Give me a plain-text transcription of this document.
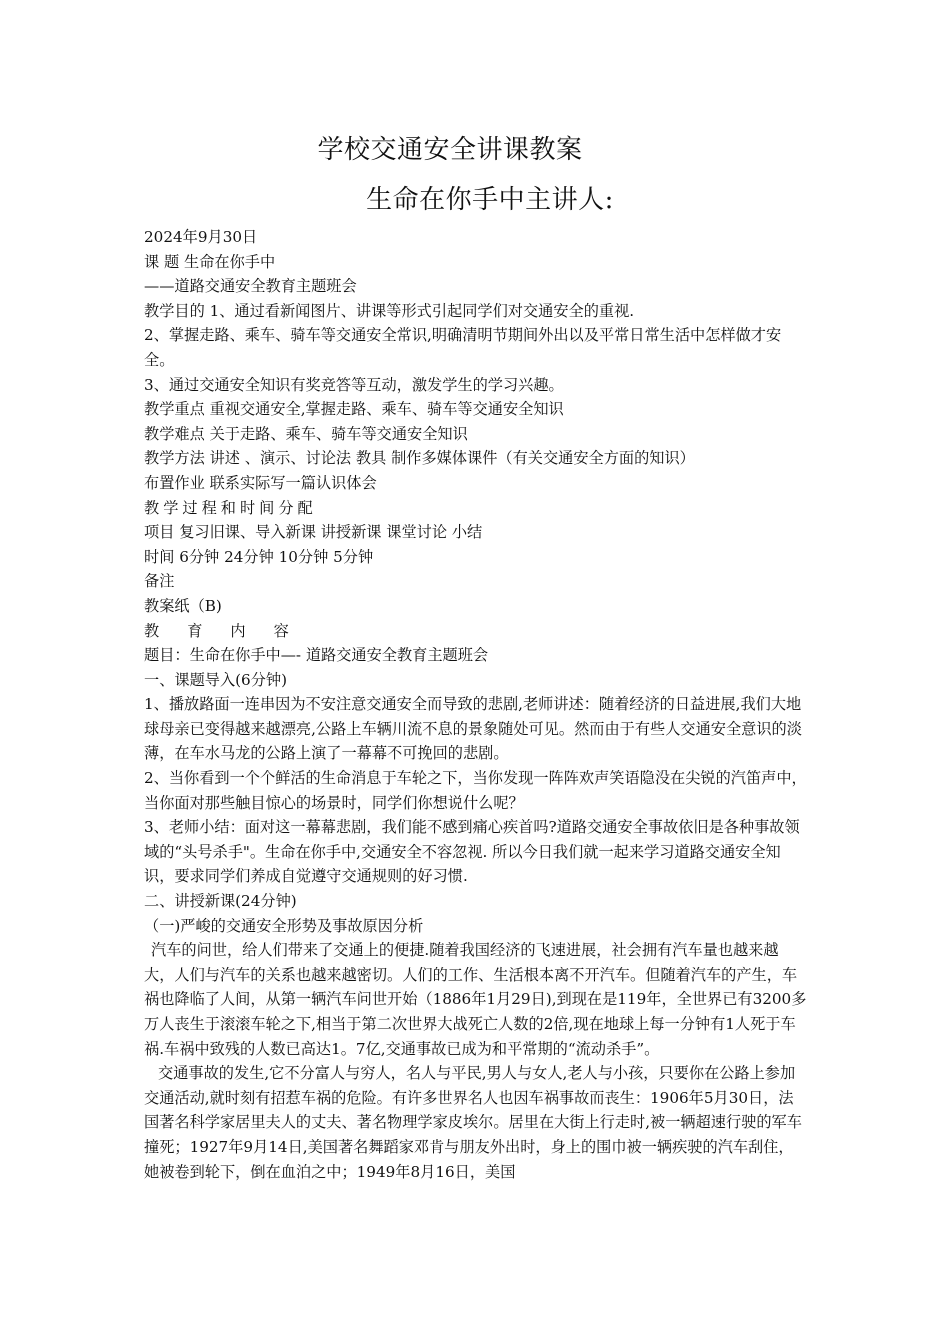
学校交通安全讲课教案
生命在你手中主讲人:

2024年9月30日

课 题 生命在你手中

——道路交通安全教育主题班会

教学目的 1、通过看新闻图片、讲课等形式引起同学们对交通安全的重视.

2、掌握走路、乘车、骑车等交通安全常识,明确清明节期间外出以及平常日常生活中怎样做才安全。

3、通过交通安全知识有奖竞答等互动，激发学生的学习兴趣。

教学重点 重视交通安全,掌握走路、乘车、骑车等交通安全知识

教学难点 关于走路、乘车、骑车等交通安全知识

教学方法 讲述 、演示、讨论法 教具 制作多媒体课件（有关交通安全方面的知识）

布置作业 联系实际写一篇认识体会

教学过程和时间分配

项目 复习旧课、导入新课 讲授新课 课堂讨论 小结

时间 6分钟 24分钟 10分钟 5分钟

备注

教案纸（B)

教育内容

题目：生命在你手中—- 道路交通安全教育主题班会

一、课题导入(6分钟)

1、播放路面一连串因为不安注意交通安全而导致的悲剧,老师讲述：随着经济的日益进展,我们大地球母亲已变得越来越漂亮,公路上车辆川流不息的景象随处可见。然而由于有些人交通安全意识的淡薄，在车水马龙的公路上演了一幕幕不可挽回的悲剧。

2、当你看到一个个鲜活的生命消息于车轮之下，当你发现一阵阵欢声笑语隐没在尖锐的汽笛声中，当你面对那些触目惊心的场景时，同学们你想说什么呢？

3、老师小结：面对这一幕幕悲剧，我们能不感到痛心疾首吗?道路交通安全事故依旧是各种事故领域的“头号杀手"。生命在你手中,交通安全不容忽视. 所以今日我们就一起来学习道路交通安全知识，要求同学们养成自觉遵守交通规则的好习惯.

二、讲授新课(24分钟)

（一)严峻的交通安全形势及事故原因分析

汽车的问世，给人们带来了交通上的便捷.随着我国经济的飞速进展，社会拥有汽车量也越来越大，人们与汽车的关系也越来越密切。人们的工作、生活根本离不开汽车。但随着汽车的产生，车祸也降临了人间，从第一辆汽车问世开始（1886年1月29日),到现在是119年，全世界已有3200多万人丧生于滚滚车轮之下,相当于第二次世界大战死亡人数的2倍,现在地球上每一分钟有1人死于车祸.车祸中致残的人数已高达1。7亿,交通事故已成为和平常期的“流动杀手”。

交通事故的发生,它不分富人与穷人，名人与平民,男人与女人,老人与小孩，只要你在公路上参加交通活动,就时刻有招惹车祸的危险。有许多世界名人也因车祸事故而丧生：1906年5月30日，法国著名科学家居里夫人的丈夫、著名物理学家皮埃尔。居里在大街上行走时,被一辆超速行驶的军车撞死；1927年9月14日,美国著名舞蹈家邓肯与朋友外出时，身上的围巾被一辆疾驶的汽车刮住，她被卷到轮下，倒在血泊之中；1949年8月16日，美国
